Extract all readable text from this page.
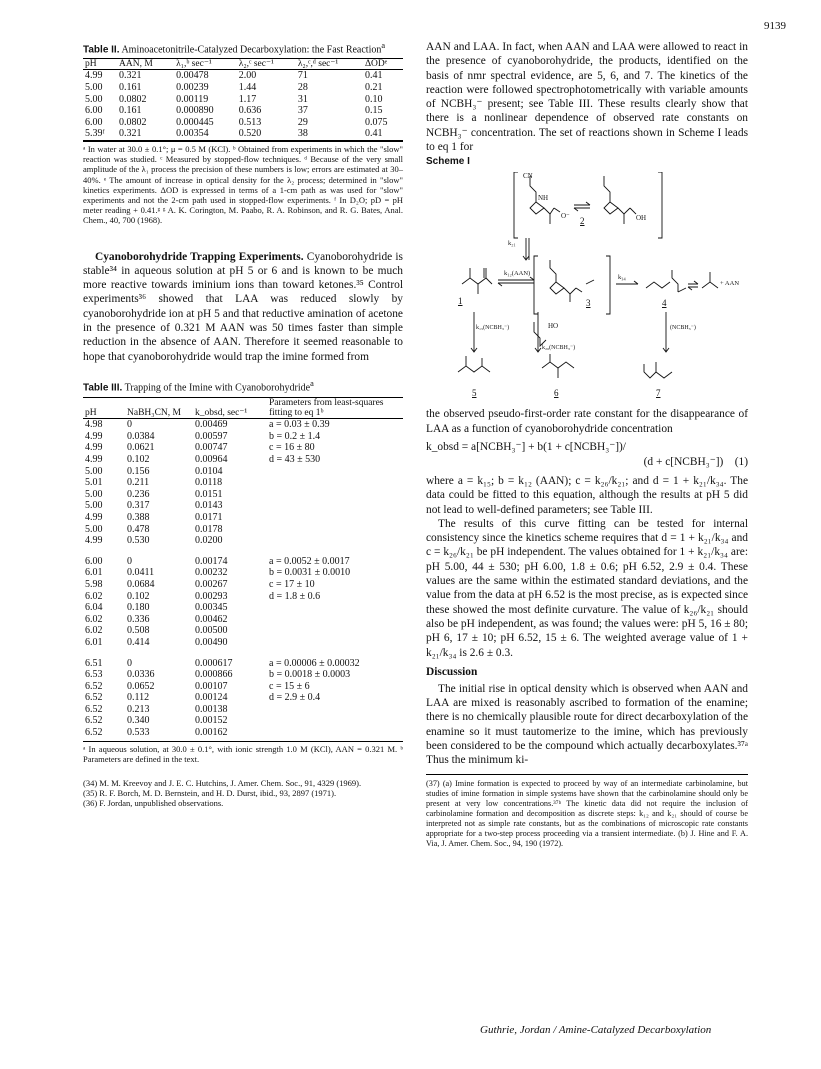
9139

Table II. Aminoacetonitrile-Catalyzed Decarboxylation: the Fast Reaction$^a$

pH	AAN, M	λ₁,ᵇ sec⁻¹	λ₂,ᶜ sec⁻¹	λ₂,ᶜ,ᵈ sec⁻¹	ΔODᵉ
4.99	0.321	0.00478	2.00	71	0.41
5.00	0.161	0.00239	1.44	28	0.21
5.00	0.0802	0.00119	1.17	31	0.10
6.00	0.161	0.000890	0.636	37	0.15
6.00	0.0802	0.000445	0.513	29	0.075
5.39ᶠ	0.321	0.00354	0.520	38	0.41

ᵃ In water at 30.0 ± 0.1°; μ = 0.5 M (KCl). ᵇ Obtained from experiments in which the "slow" reaction was studied. ᶜ Measured by stopped-flow techniques. ᵈ Because of the very small amplitude of the λ₁ process the precision of these numbers is low; errors are estimated at 30–40%. ᵉ The amount of increase in optical density for the λ₂ process; determined in "slow" kinetics experiments. ΔOD is expressed in terms of a 1-cm path as was used for "slow" experiments and not the 2-cm path used in stopped-flow experiments. ᶠ In D₂O; pD = pH meter reading + 0.41.ᵍ ᵍ A. K. Corington, M. Paabo, R. A. Robinson, and R. G. Bates, Anal. Chem., 40, 700 (1968).

Cyanoborohydride Trapping Experiments. Cyanoborohydride is stable³⁴ in aqueous solution at pH 5 or 6 and is known to be much more reactive towards iminium ions than toward ketones.³⁵ Control experiments³⁶ showed that LAA was reduced slowly by cyanoborohydride ion at pH 5 and that reductive amination of acetone in the presence of 0.321 M AAN was 50 times faster than simple reduction in the absence of AAN. Therefore it seemed reasonable to hope that cyanoborohydride would trap the imine formed from

Table III. Trapping of the Imine with Cyanoborohydride$^a$

pH	NaBH₃CN, M	k_obsd, sec⁻¹	Parameters from least-squares fitting to eq 1ᵇ
4.98	0	0.00469	a = 0.03 ± 0.39
4.99	0.0384	0.00597	b = 0.2 ± 1.4
4.99	0.0621	0.00747	c = 16 ± 80
4.99	0.102	0.00964	d = 43 ± 530
5.00	0.156	0.0104	
5.01	0.211	0.0118	
5.00	0.236	0.0151	
5.00	0.317	0.0143	
4.99	0.388	0.0171	
5.00	0.478	0.0178	
4.99	0.530	0.0200	

6.00	0	0.00174	a = 0.0052 ± 0.0017
6.01	0.0411	0.00232	b = 0.0031 ± 0.0010
5.98	0.0684	0.00267	c = 17 ± 10
6.02	0.102	0.00293	d = 1.8 ± 0.6
6.04	0.180	0.00345	
6.02	0.336	0.00462	
6.02	0.508	0.00500	
6.01	0.414	0.00490	

6.51	0	0.000617	a = 0.00006 ± 0.00032
6.53	0.0336	0.000866	b = 0.0018 ± 0.0003
6.52	0.0652	0.00107	c = 15 ± 6
6.52	0.112	0.00124	d = 2.9 ± 0.4
6.52	0.213	0.00138	
6.52	0.340	0.00152	
6.52	0.533	0.00162	

ᵃ In aqueous solution, at 30.0 ± 0.1°, with ionic strength 1.0 M (KCl), AAN = 0.321 M. ᵇ Parameters are defined in the text.

(34) M. M. Kreevoy and J. E. C. Hutchins, J. Amer. Chem. Soc., 91, 4329 (1969).

(35) R. F. Borch, M. D. Bernstein, and H. D. Durst, ibid., 93, 2897 (1971).

(36) F. Jordan, unpublished observations.

AAN and LAA. In fact, when AAN and LAA were allowed to react in the presence of cyanoborohydride, the products, identified on the basis of nmr spectral evidence, are 5, 6, and 7. The kinetics of the reaction were followed spectrophotometrically with variable amounts of NCBH₃⁻ present; see Table III. These results clearly show that there is a nonlinear dependence of observed rate constants on NCBH₃⁻ concentration. The set of reactions shown in Scheme I leads to eq 1 for

Scheme I
CN
NH
O⁻	OH
2
k₂₁
k₁₂(AAN)
k₃₄
+ AAN
1	3	4
k₁₅(NCBH₃⁻)	HO
k₂₆(NCBH₃⁻)
(NCBH₃⁻)
5	6	7

the observed pseudo-first-order rate constant for the disappearance of LAA as a function of cyanoborohydride concentration

k_obsd = a[NCBH₃⁻] + b(1 + c[NCBH₃⁻])/
(d + c[NCBH₃⁻]) (1)

where a = k₁₅; b = k₁₂ (AAN); c = k₂₆/k₂₁; and d = 1 + k₂₁/k₃₄. The data could be fitted to this equation, although the results at pH 5 did not lead to well-defined parameters; see Table III.

The results of this curve fitting can be tested for internal consistency since the kinetics scheme requires that d = 1 + k₂₁/k₃₄ and c = k₂₆/k₂₁ be pH independent. The values obtained for 1 + k₂₁/k₃₄ are: pH 5.00, 44 ± 530; pH 6.00, 1.8 ± 0.6; pH 6.52, 2.9 ± 0.4. These values are the same within the estimated standard deviations, and the value from the data at pH 6.52 is the most precise, as is expected since these showed the most definite curvature. The value of k₂₆/k₂₁ should also be pH independent, as was found; the values were: pH 5, 16 ± 80; pH 6, 17 ± 10; pH 6.52, 15 ± 6. The weighted average value of 1 + k₂₁/k₃₄ is 2.6 ± 0.3.

Discussion

The initial rise in optical density which is observed when AAN and LAA are mixed is reasonably ascribed to formation of the enamine; there is no chemically plausible route for direct decarboxylation of the enamine so it must tautomerize to the imine, which has previously been considered to be the compound which actually decarboxylates.³⁷ᵃ Thus the minimum ki-

(37) (a) Imine formation is expected to proceed by way of an intermediate carbinolamine, but studies of imine formation in simple systems have shown that the carbinolamine should only be present at very low concentrations.³⁷ᵇ The kinetic data did not require the inclusion of carbinolamine formation and decomposition as discrete steps: k₁₂ and k₂₁ should of course be interpreted not as simple rate constants, but as the combinations of microscopic rate constants appropriate for a two-step process proceeding via a transient intermediate. (b) J. Hine and F. A. Via, J. Amer. Chem. Soc., 94, 190 (1972).

Guthrie, Jordan / Amine-Catalyzed Decarboxylation
